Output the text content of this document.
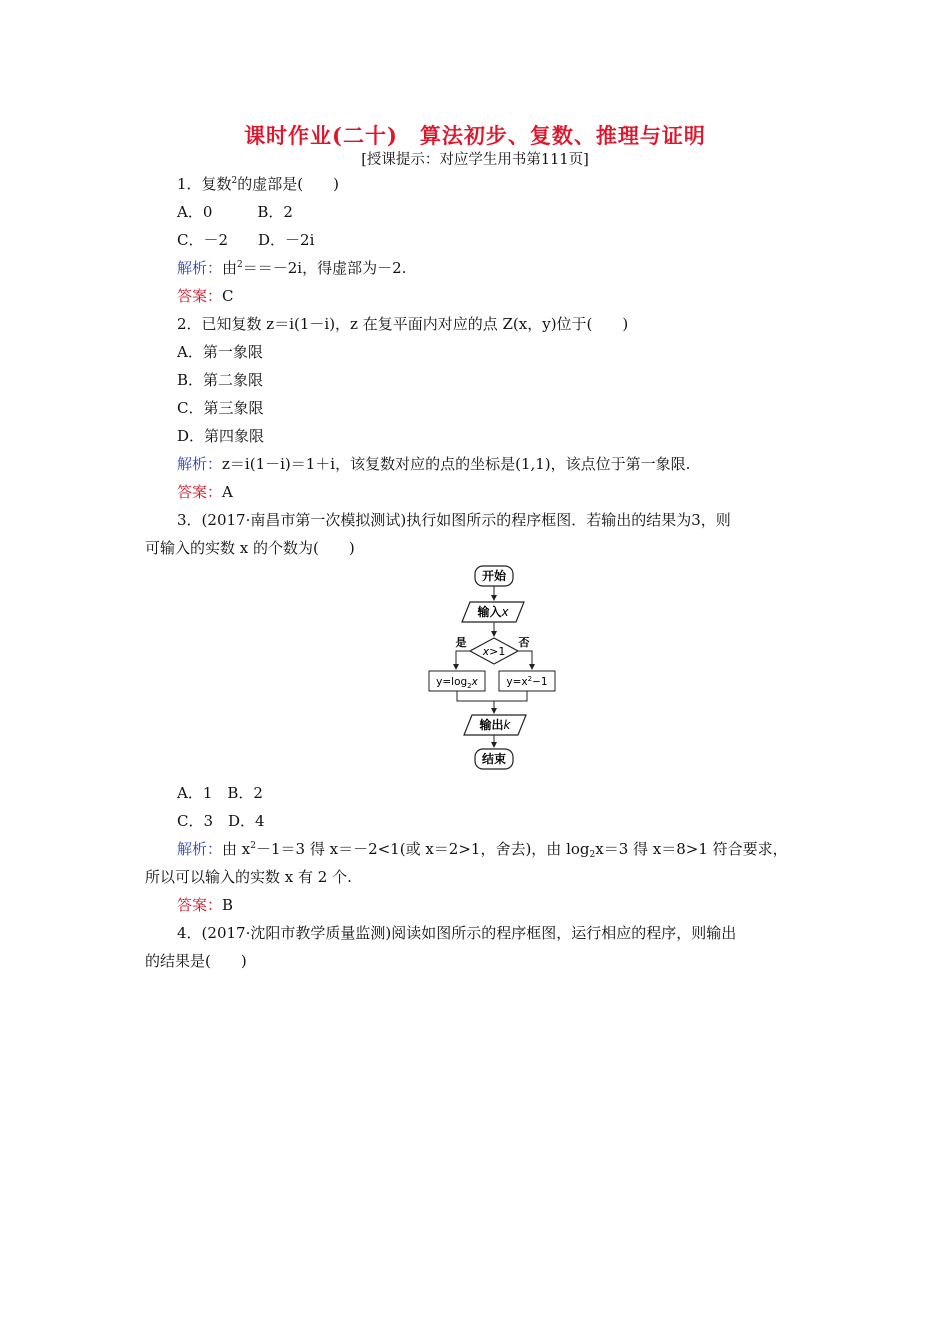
课时作业(二十)　算法初步、复数、推理与证明
[授课提示：对应学生用书第111页]
1．复数$^2$的虚部是(　　)
A．0　　　B．2
C．－2　　D．－2i
解析：由$^2$＝＝－2i，得虚部为－2.
答案：C
2．已知复数 z＝i(1－i)，z 在复平面内对应的点 Z(x，y)位于(　　)
A．第一象限
B．第二象限
C．第三象限
D．第四象限
解析：z＝i(1－i)＝1＋i，该复数对应的点的坐标是(1,1)，该点位于第一象限.
答案：A
3．(2017·南昌市第一次模拟测试)执行如图所示的程序框图．若输出的结果为3，则
可输入的实数 x 的个数为(　　)
开始
输入x
x>1
是	否
$y=\log_2x$	$y=x^2-1$
输出k
结束
A．1　B．2
C．3　D．4
解析：由 $x^2-1=3$ 得 x＝－2<1(或 x＝2>1，舍去)，由 $\log_2x=3$ 得 x＝8>1 符合要求，
所以可以输入的实数 x 有 2 个.
答案：B
4．(2017·沈阳市教学质量监测)阅读如图所示的程序框图，运行相应的程序，则输出
的结果是(　　)
